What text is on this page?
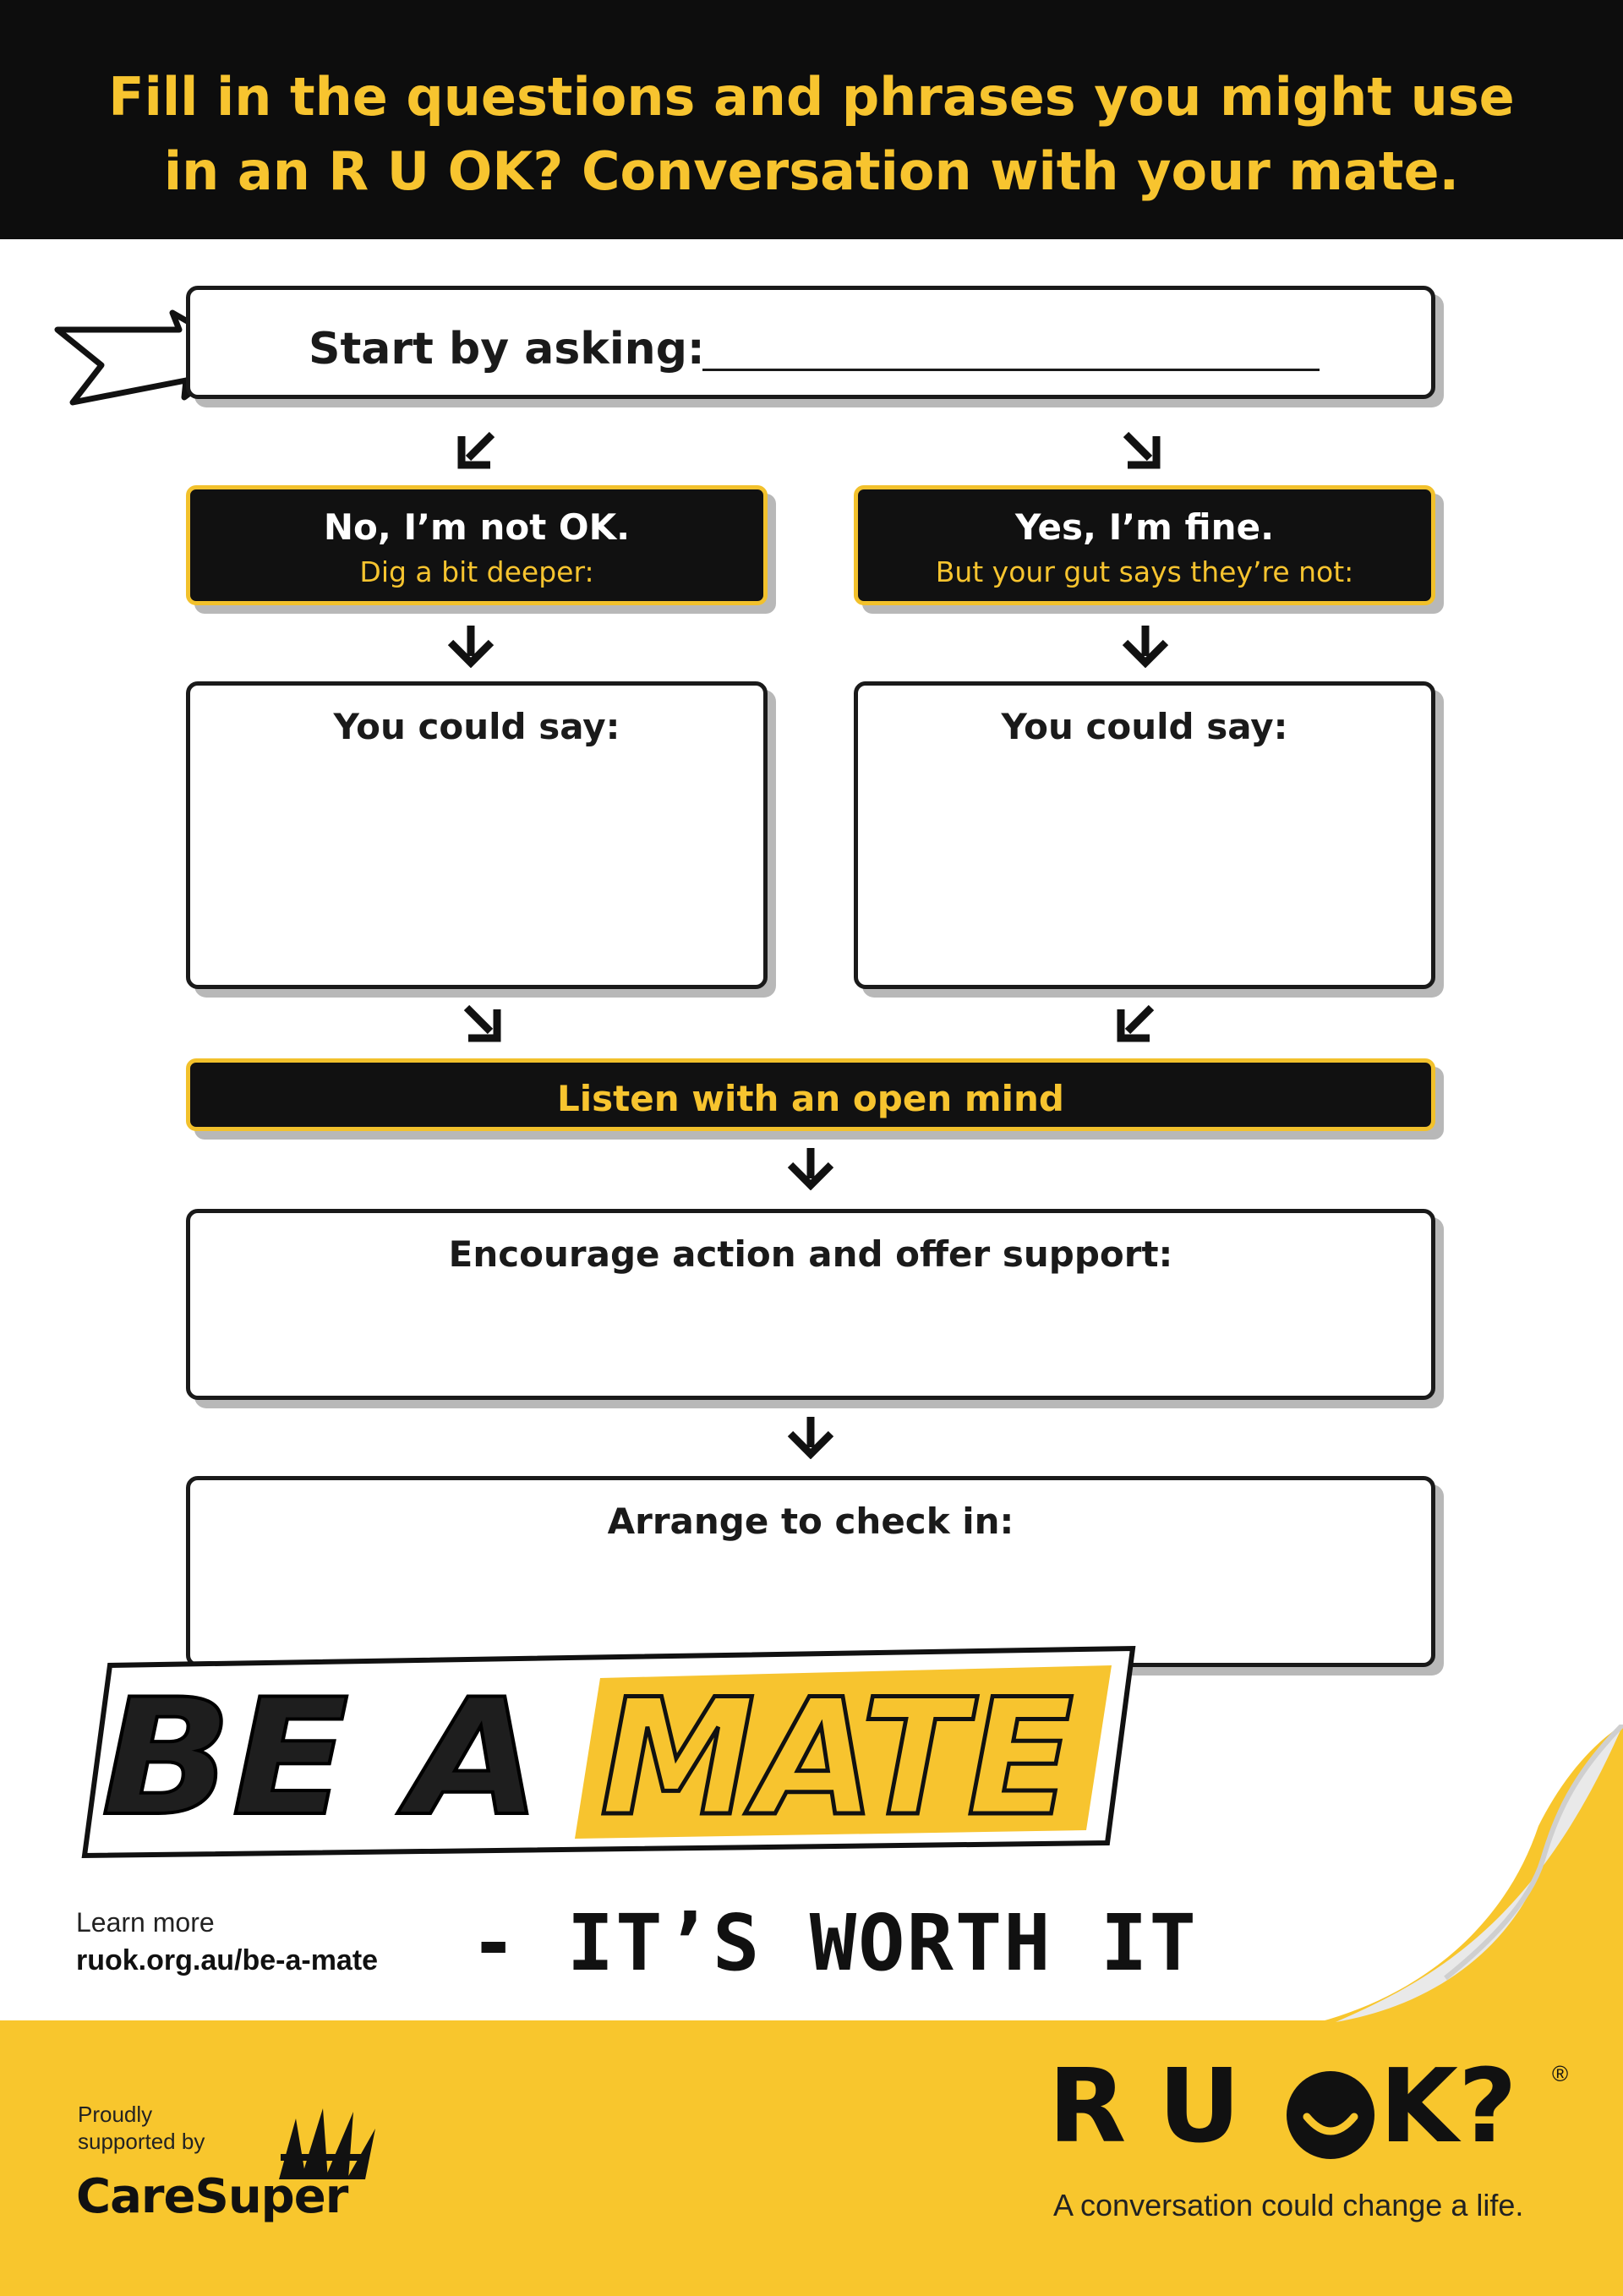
Fill in the questions and phrases you might use
in an R U OK? Conversation with your mate.
Start by asking:
No, I’m not OK.
Dig a bit deeper:
Yes, I’m fine.
But your gut says they’re not:
You could say:	You could say:
Listen with an open mind
Encourage action and offer support:
Arrange to check in:
BE A MATE
- IT’S WORTH IT
Learn more
ruok.org.au/be-a-mate
Proudly
supported by
CareSuper
R U K? ®
A conversation could change a life.
